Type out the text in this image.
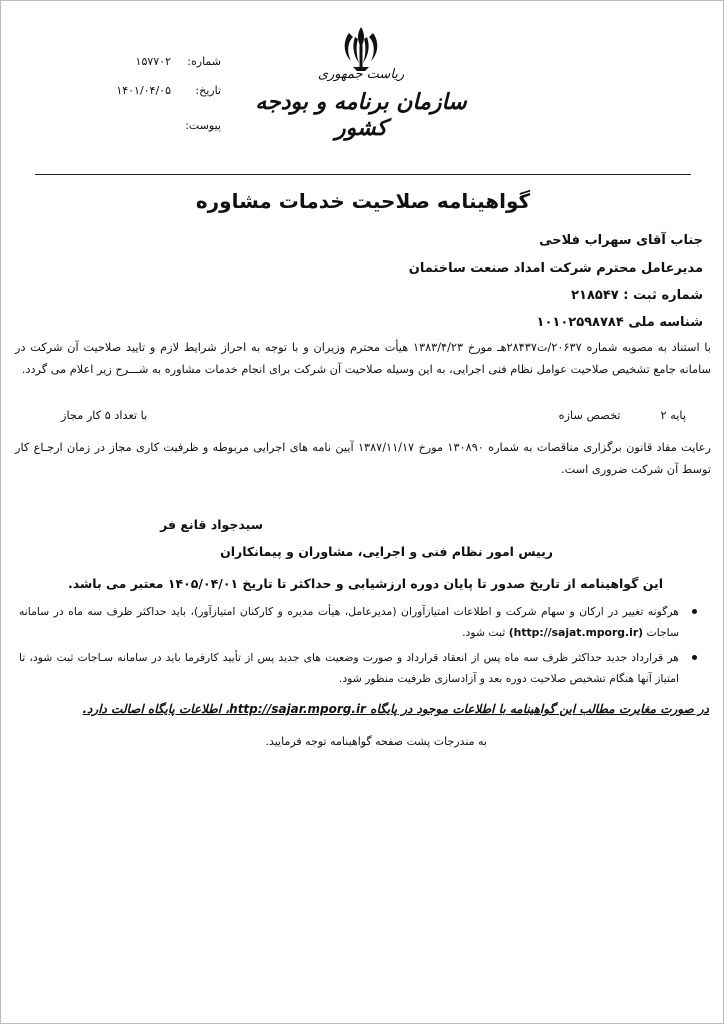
شماره:
۱۵۷۷۰۲
تاریخ:
۱۴۰۱/۰۴/۰۵
پیوست:
ریاست جمهوری
سازمان برنامه و بودجه کشور
گواهینامه صلاحیت خدمات مشاوره
جناب آقای سهراب فلاحی
مدیرعامل محترم شرکت امداد صنعت ساختمان
شماره ثبت : ۲۱۸۵۴۷
شناسه ملی ۱۰۱۰۲۵۹۸۷۸۴
با استناد به مصوبه شماره ۲۰۶۳۷/ت۲۸۴۳۷هـ مورخ ۱۳۸۳/۴/۲۳ هیأت محترم وزیران و با توجه به احراز شرایط لازم و تایید صلاحیت آن شرکت در سامانه جامع تشخیص صلاحیت عوامل نظام فنی اجرایی، به این وسیله صلاحیت آن شرکت برای انجام خدمات مشاوره به شـــرح زیر اعلام می گردد.
پایه ۲
تخصص سازه
با تعداد ۵ کار مجاز
رعایت مفاد قانون برگزاری مناقصات به شماره ۱۳۰۸۹۰ مورخ ۱۳۸۷/۱۱/۱۷ آیین نامه های اجرایی مربوطه و ظرفیت کاری مجاز در زمان ارجـاع کار توسط آن شرکت ضروری است.
سیدجواد قانع فر
رییس امور نظام فنی و اجرایی، مشاوران و پیمانکاران
این گواهینامه از تاریخ صدور تا پایان دوره ارزشیابی و حداکثر تا تاریخ ۱۴۰۵/۰۴/۰۱ معتبر می باشد.
هرگونه تغییر در ارکان و سهام شرکت و اطلاعات امتیازآوران (مدیرعامل، هیأت مدیره و کارکنان امتیازآور)، باید حداکثر ظرف سه ماه در سامانه ساجات (http://sajat.mporg.ir) ثبت شود.
هر قرارداد جدید حداکثر ظرف سه ماه پس از انعقاد قرارداد و صورت وضعیت های جدید پس از تأیید کارفرما باید در سامانه سـاجات ثبت شود، تا امتیاز آنها هنگام تشخیص صلاحیت دوره بعد و آزادسازی ظرفیت منظور شود.
در صورت مغایرت مطالب این گواهینامه با اطلاعات موجود در پایگاه http://sajar.mporg.ir، اطلاعات پایگاه اصالت دارد.
به مندرجات پشت صفحه گواهینامه توجه فرمایید.
